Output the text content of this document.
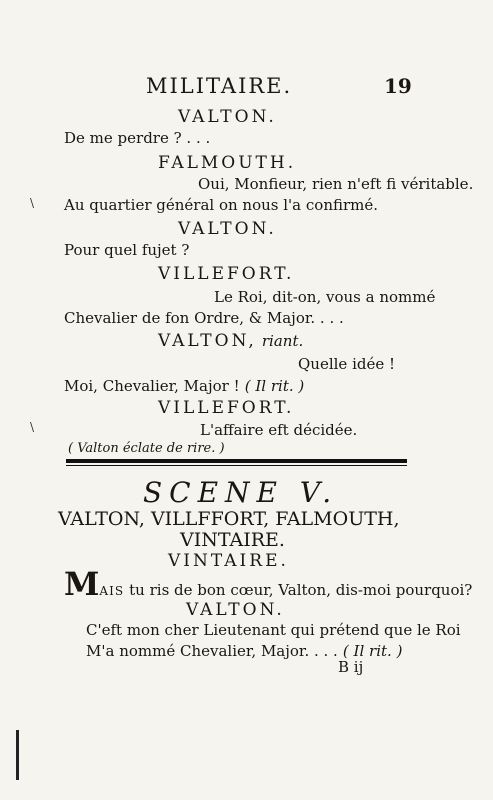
MILITAIRE.	19
VALTON.
De me perdre ? . . .
FALMOUTH.
Oui, Monfieur, rien n'eft fi véritable.
\ Au quartier général on nous l'a confirmé.
VALTON.
Pour quel fujet ?
VILLEFORT.
Le Roi, dit-on, vous a nommé
Chevalier de fon Ordre, & Major. . . .
VALTON, riant.
Quelle idée !
Moi, Chevalier, Major ! ( Il rit. )
VILLEFORT.
\	L'affaire eft décidée.
( Valton éclate de rire. )
SCENE V.
VALTON, VILLFFORT, FALMOUTH,
VINTAIRE.
VINTAIRE.
MAIS tu ris de bon cœur, Valton, dis-moi pourquoi?
VALTON.
C'eft mon cher Lieutenant qui prétend que le Roi
M'a nommé Chevalier, Major. . . . ( Il rit. )
B ij
